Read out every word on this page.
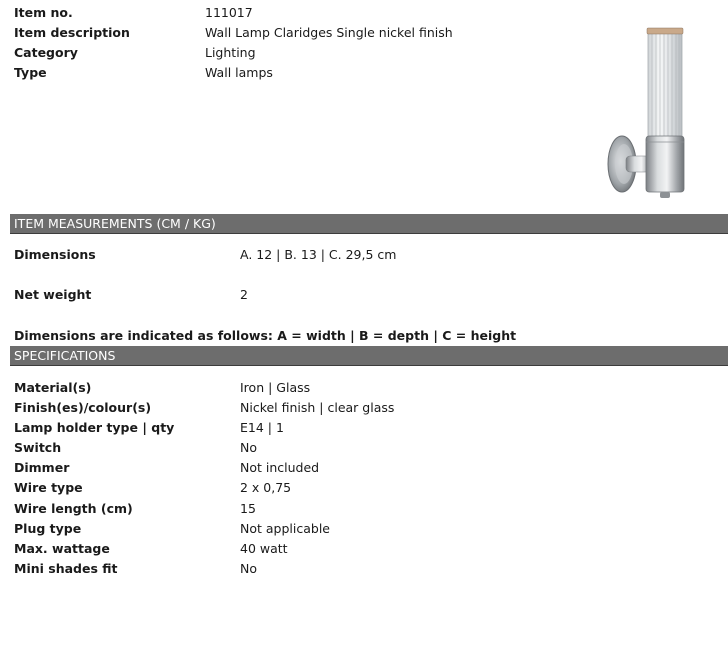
Item no.	111017
Item description	Wall Lamp Claridges Single nickel finish
Category	Lighting
Type	Wall lamps
ITEM MEASUREMENTS (CM / KG)
Dimensions	A. 12 | B. 13 | C. 29,5 cm
Net weight	2
Dimensions are indicated as follows: A = width | B = depth | C = height
SPECIFICATIONS
Material(s)	Iron | Glass
Finish(es)/colour(s)	Nickel finish | clear glass
Lamp holder type | qty	E14 | 1
Switch	No
Dimmer	Not included
Wire type	2 x 0,75
Wire length (cm)	15
Plug type	Not applicable
Max. wattage	40 watt
Mini shades fit	No
